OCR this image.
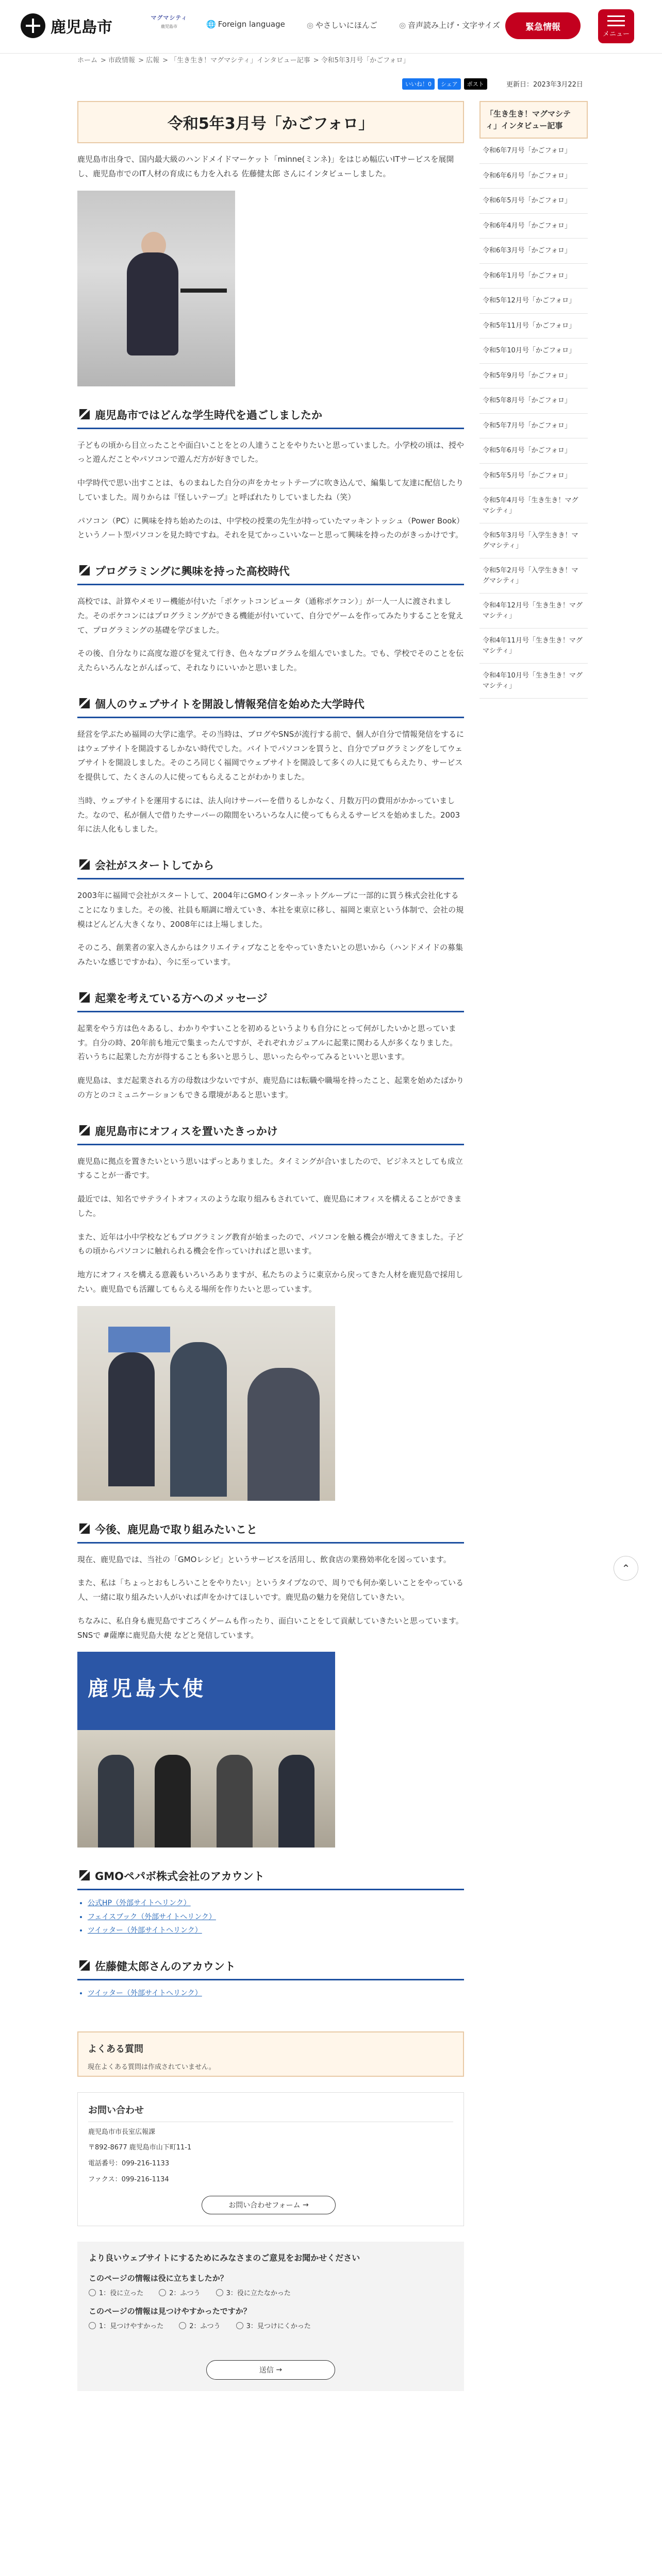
鹿児島市
マグマシティ
鹿児島市	🌐 Foreign language	◎ やさしいにほんご	◎ 音声読み上げ・文字サイズ	緊急情報
メニュー
ホーム > 市政情報 > 広報 > 「生き生き！マグマシティ」インタビュー記事 > 令和5年3月号「かごフォロ」
いいね！0	シェア	ポスト	更新日：2023年3月22日
令和5年3月号「かごフォロ」

鹿児島市出身で、国内最大級のハンドメイドマーケット「minne(ミンネ)」をはじめ幅広いITサービスを展開し、鹿児島市でのIT人材の育成にも力を入れる 佐藤健太郎 さんにインタビューしました。

鹿児島市ではどんな学生時代を過ごしましたか

子どもの頃から目立ったことや面白いことをとの人達うことをやりたいと思っていました。小学校の頃は、授やっと遊んだことやパソコンで遊んだ方が好きでした。

中学時代で思い出すことは、ものまねした自分の声をカセットテープに吹き込んで、編集して友達に配信したりしていました。周りからは『怪しいテープ』と呼ばれたりしていましたね（笑）

パソコン（PC）に興味を持ち始めたのは、中学校の授業の先生が持っていたマッキントッシュ（Power Book）というノート型パソコンを見た時ですね。それを見てかっこいいなーと思って興味を持ったのがきっかけです。

プログラミングに興味を持った高校時代

高校では、計算やメモリー機能が付いた「ポケットコンピュータ（通称ポケコン）」が一人一人に渡されました。そのポケコンにはプログラミングができる機能が付いていて、自分でゲームを作ってみたりすることを覚えて、プログラミングの基礎を学びました。

その後、自分なりに高度な遊びを覚えて行き、色々なプログラムを組んでいました。でも、学校でそのことを伝えたらいろんなとがんばって、それなりにいいかと思いました。

個人のウェブサイトを開設し情報発信を始めた大学時代

経営を学ぶため福岡の大学に進学。その当時は、ブログやSNSが流行する前で、個人が自分で情報発信をするにはウェブサイトを開設するしかない時代でした。バイトでパソコンを買うと、自分でプログラミングをしてウェブサイトを開設しました。そのころ同じく福岡でウェブサイトを開設して多くの人に見てもらえたり、サービスを提供して、たくさんの人に使ってもらえることがわかりました。

当時、ウェブサイトを運用するには、法人向けサーバーを借りるしかなく、月数万円の費用がかかっていました。なので、私が個人で借りたサーバーの隙間をいろいろな人に使ってもらえるサービスを始めました。2003年に法人化もしました。

会社がスタートしてから

2003年に福岡で会社がスタートして、2004年にGMOインターネットグループに一部的に買う株式会社化することになりました。その後、社員も順調に増えていき、本社を東京に移し、福岡と東京という体制で、会社の規模はどんどん大きくなり、2008年には上場しました。

そのころ、創業者の家入さんからはクリエイティブなことをやっていきたいとの思いから（ハンドメイドの募集みたいな感じですかね）、今に至っています。

起業を考えている方へのメッセージ

起業をやう方は色々あるし、わかりやすいことを初めるというよりも自分にとって何がしたいかと思っています。自分の時、20年前も地元で集まったんですが、それぞれカジュアルに起業に関わる人が多くなりました。若いうちに起業した方が得することも多いと思うし、思いったらやってみるといいと思います。

鹿児島は、まだ起業される方の母数は少ないですが、鹿児島には転職や職場を持ったこと、起業を始めたばかりの方とのコミュニケーションもできる環境があると思います。

鹿児島市にオフィスを置いたきっかけ

鹿児島に拠点を置きたいという思いはずっとありました。タイミングが合いましたので、ビジネスとしても成立することが一番です。

最近では、知名でサテライトオフィスのような取り組みもされていて、鹿児島にオフィスを構えることができました。

また、近年は小中学校などもプログラミング教育が始まったので、パソコンを触る機会が増えてきました。子どもの頃からパソコンに触れられる機会を作っていければと思います。

地方にオフィスを構える意義もいろいろありますが、私たちのように東京から戻ってきた人材を鹿児島で採用したい。鹿児島でも活躍してもらえる場所を作りたいと思っています。

今後、鹿児島で取り組みたいこと

現在、鹿児島では、当社の「GMOレシピ」というサービスを活用し、飲食店の業務効率化を図っています。

また、私は「ちょっとおもしろいことをやりたい」というタイプなので、周りでも何か楽しいことをやっている人、一緒に取り組みたい人がいれば声をかけてほしいです。鹿児島の魅力を発信していきたい。

ちなみに、私自身も鹿児島ですごろくゲームも作ったり、面白いことをして貢献していきたいと思っています。SNSで #薩摩に鹿児島大使 などと発信しています。

鹿児島大使
GMOペパボ株式会社のアカウント
• 公式HP（外部サイトへリンク）
• フェイスブック（外部サイトへリンク）
• ツイッター（外部サイトへリンク）
佐藤健太郎さんのアカウント
• ツイッター（外部サイトへリンク）
よくある質問
現在よくある質問は作成されていません。
お問い合わせ
鹿児島市市長室広報課
〒892-8677 鹿児島市山下町11-1
電話番号：099-216-1133
ファクス：099-216-1134
お問い合わせフォーム →
より良いウェブサイトにするためにみなさまのご意見をお聞かせください
このページの情報は役に立ちましたか？
1：役に立った	2：ふつう	3：役に立たなかった
このページの情報は見つけやすかったですか？
1：見つけやすかった	2：ふつう	3：見つけにくかった
送信 →
「生き生き！マグマシティ」インタビュー記事
令和6年7月号「かごフォロ」
令和6年6月号「かごフォロ」
令和6年5月号「かごフォロ」
令和6年4月号「かごフォロ」
令和6年3月号「かごフォロ」
令和6年1月号「かごフォロ」
令和5年12月号「かごフォロ」
令和5年11月号「かごフォロ」
令和5年10月号「かごフォロ」
令和5年9月号「かごフォロ」
令和5年8月号「かごフォロ」
令和5年7月号「かごフォロ」
令和5年6月号「かごフォロ」
令和5年5月号「かごフォロ」
令和5年4月号「生き生き！マグマシティ」
令和5年3月号「入学生きき！マグマシティ」
令和5年2月号「入学生きき！マグマシティ」
令和4年12月号「生き生き！マグマシティ」
令和4年11月号「生き生き！マグマシティ」
令和4年10月号「生き生き！マグマシティ」
⌃
